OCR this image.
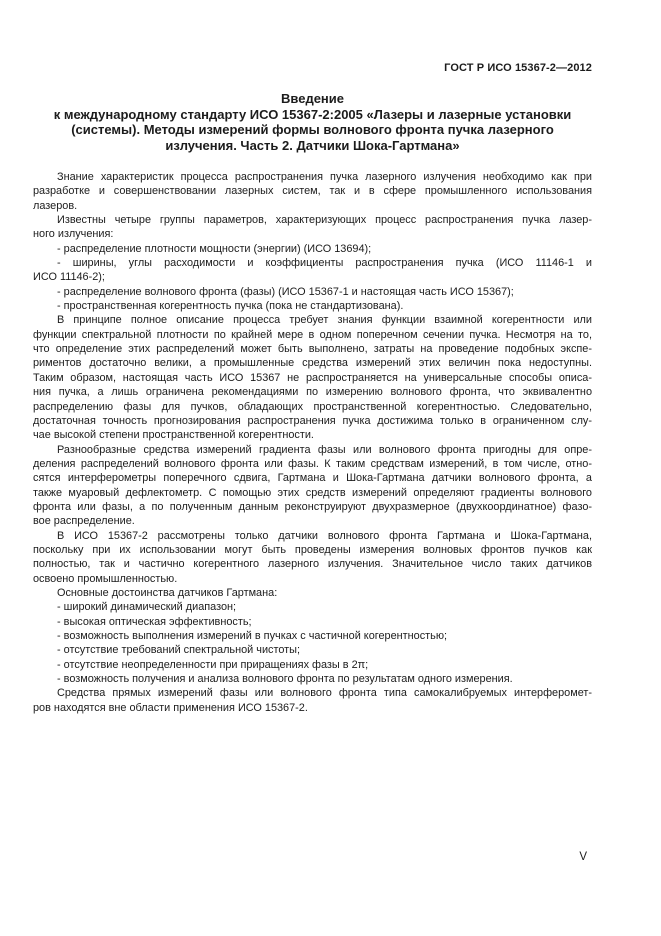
ГОСТ Р ИСО 15367-2—2012
Введение
к международному стандарту ИСО 15367-2:2005 «Лазеры и лазерные установки
(системы). Методы измерений формы волнового фронта пучка лазерного
излучения. Часть 2. Датчики Шока-Гартмана»
Знание характеристик процесса распространения пучка лазерного излучения необходимо как при
разработке и совершенствовании лазерных систем, так и в сфере промышленного использования
лазеров.
Известны четыре группы параметров, характеризующих процесс распространения пучка лазер-
ного излучения:
- распределение плотности мощности (энергии) (ИСО 13694);
- ширины, углы расходимости и коэффициенты распространения пучка (ИСО 11146-1 и
ИСО 11146-2);
- распределение волнового фронта (фазы) (ИСО 15367-1 и настоящая часть ИСО 15367);
- пространственная когерентность пучка (пока не стандартизована).
В принципе полное описание процесса требует знания функции взаимной когерентности или
функции спектральной плотности по крайней мере в одном поперечном сечении пучка. Несмотря на то,
что определение этих распределений может быть выполнено, затраты на проведение подобных экспе-
риментов достаточно велики, а промышленные средства измерений этих величин пока недоступны.
Таким образом, настоящая часть ИСО 15367 не распространяется на универсальные способы описа-
ния пучка, а лишь ограничена рекомендациями по измерению волнового фронта, что эквивалентно
распределению фазы для пучков, обладающих пространственной когерентностью. Следовательно,
достаточная точность прогнозирования распространения пучка достижима только в ограниченном слу-
чае высокой степени пространственной когерентности.
Разнообразные средства измерений градиента фазы или волнового фронта пригодны для опре-
деления распределений волнового фронта или фазы. К таким средствам измерений, в том числе, отно-
сятся интерферометры поперечного сдвига, Гартмана и Шока-Гартмана датчики волнового фронта, а
также муаровый дефлектометр. С помощью этих средств измерений определяют градиенты волнового
фронта или фазы, а по полученным данным реконструируют двухразмерное (двухкоординатное) фазо-
вое распределение.
В ИСО 15367-2 рассмотрены только датчики волнового фронта Гартмана и Шока-Гартмана,
поскольку при их использовании могут быть проведены измерения волновых фронтов пучков как
полностью, так и частично когерентного лазерного излучения. Значительное число таких датчиков
освоено промышленностью.
Основные достоинства датчиков Гартмана:
- широкий динамический диапазон;
- высокая оптическая эффективность;
- возможность выполнения измерений в пучках с частичной когерентностью;
- отсутствие требований спектральной чистоты;
- отсутствие неопределенности при приращениях фазы в 2π;
- возможность получения и анализа волнового фронта по результатам одного измерения.
Средства прямых измерений фазы или волнового фронта типа самокалибруемых интерферомет-
ров находятся вне области применения ИСО 15367-2.
V
